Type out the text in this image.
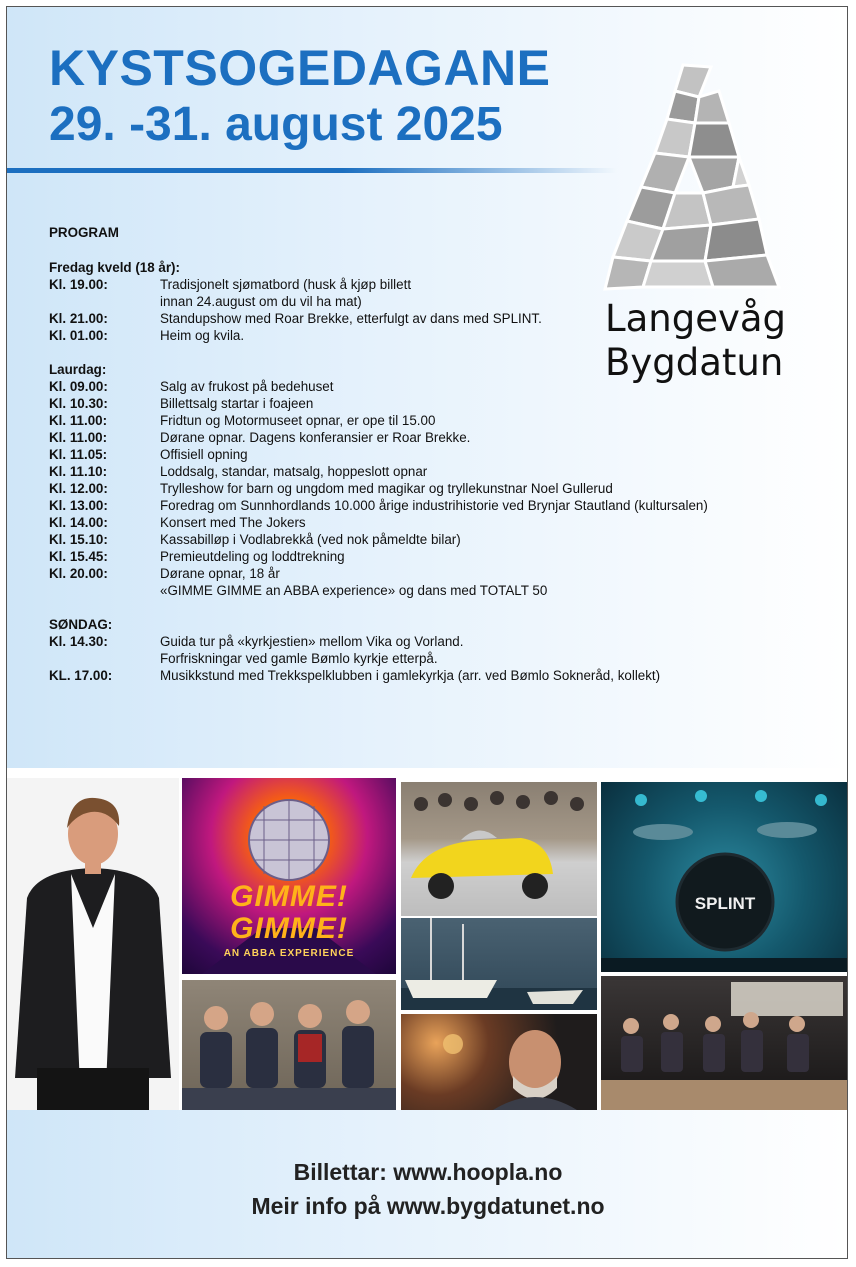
KYSTSOGEDAGANE
29. -31. august 2025
Langevåg
Bygdatun
PROGRAM
Fredag kveld (18 år):
Kl. 19.00:	Tradisjonelt sjømatbord (husk å kjøp billett
innan 24.august om du vil ha mat)
Kl. 21.00:	Standupshow med Roar Brekke, etterfulgt av dans med SPLINT.
Kl. 01.00:	Heim og kvila.
Laurdag:
Kl. 09.00:	Salg av frukost på bedehuset
Kl. 10.30:	Billettsalg startar i foajeen
Kl. 11.00:	Fridtun og Motormuseet opnar, er ope til 15.00
Kl. 11.00:	Dørane opnar. Dagens konferansier er Roar Brekke.
Kl. 11.05:	Offisiell opning
Kl. 11.10:	Loddsalg, standar, matsalg, hoppeslott opnar
Kl. 12.00:	Trylleshow for barn og ungdom med magikar og tryllekunstnar Noel Gullerud
Kl. 13.00:	Foredrag om Sunnhordlands 10.000 årige industrihistorie ved Brynjar Stautland (kultursalen)
Kl. 14.00:	Konsert med The Jokers
Kl. 15.10:	Kassabilløp i Vodlabrekkå (ved nok påmeldte bilar)
Kl. 15.45:	Premieutdeling og loddtrekning
Kl. 20.00:	Dørane opnar, 18 år
«GIMME GIMME an ABBA experience» og dans med TOTALT 50
SØNDAG:
Kl. 14.30:	Guida tur på «kyrkjestien» mellom Vika og Vorland.
Forfriskningar ved gamle Bømlo kyrkje etterpå.
KL. 17.00:	Musikkstund med Trekkspelklubben i gamlekyrkja (arr. ved Bømlo Sokneråd, kollekt)
GIMME!
GIMME!
AN ABBA EXPERIENCE
SPLINT
Billettar: www.hoopla.no
Meir info på www.bygdatunet.no
